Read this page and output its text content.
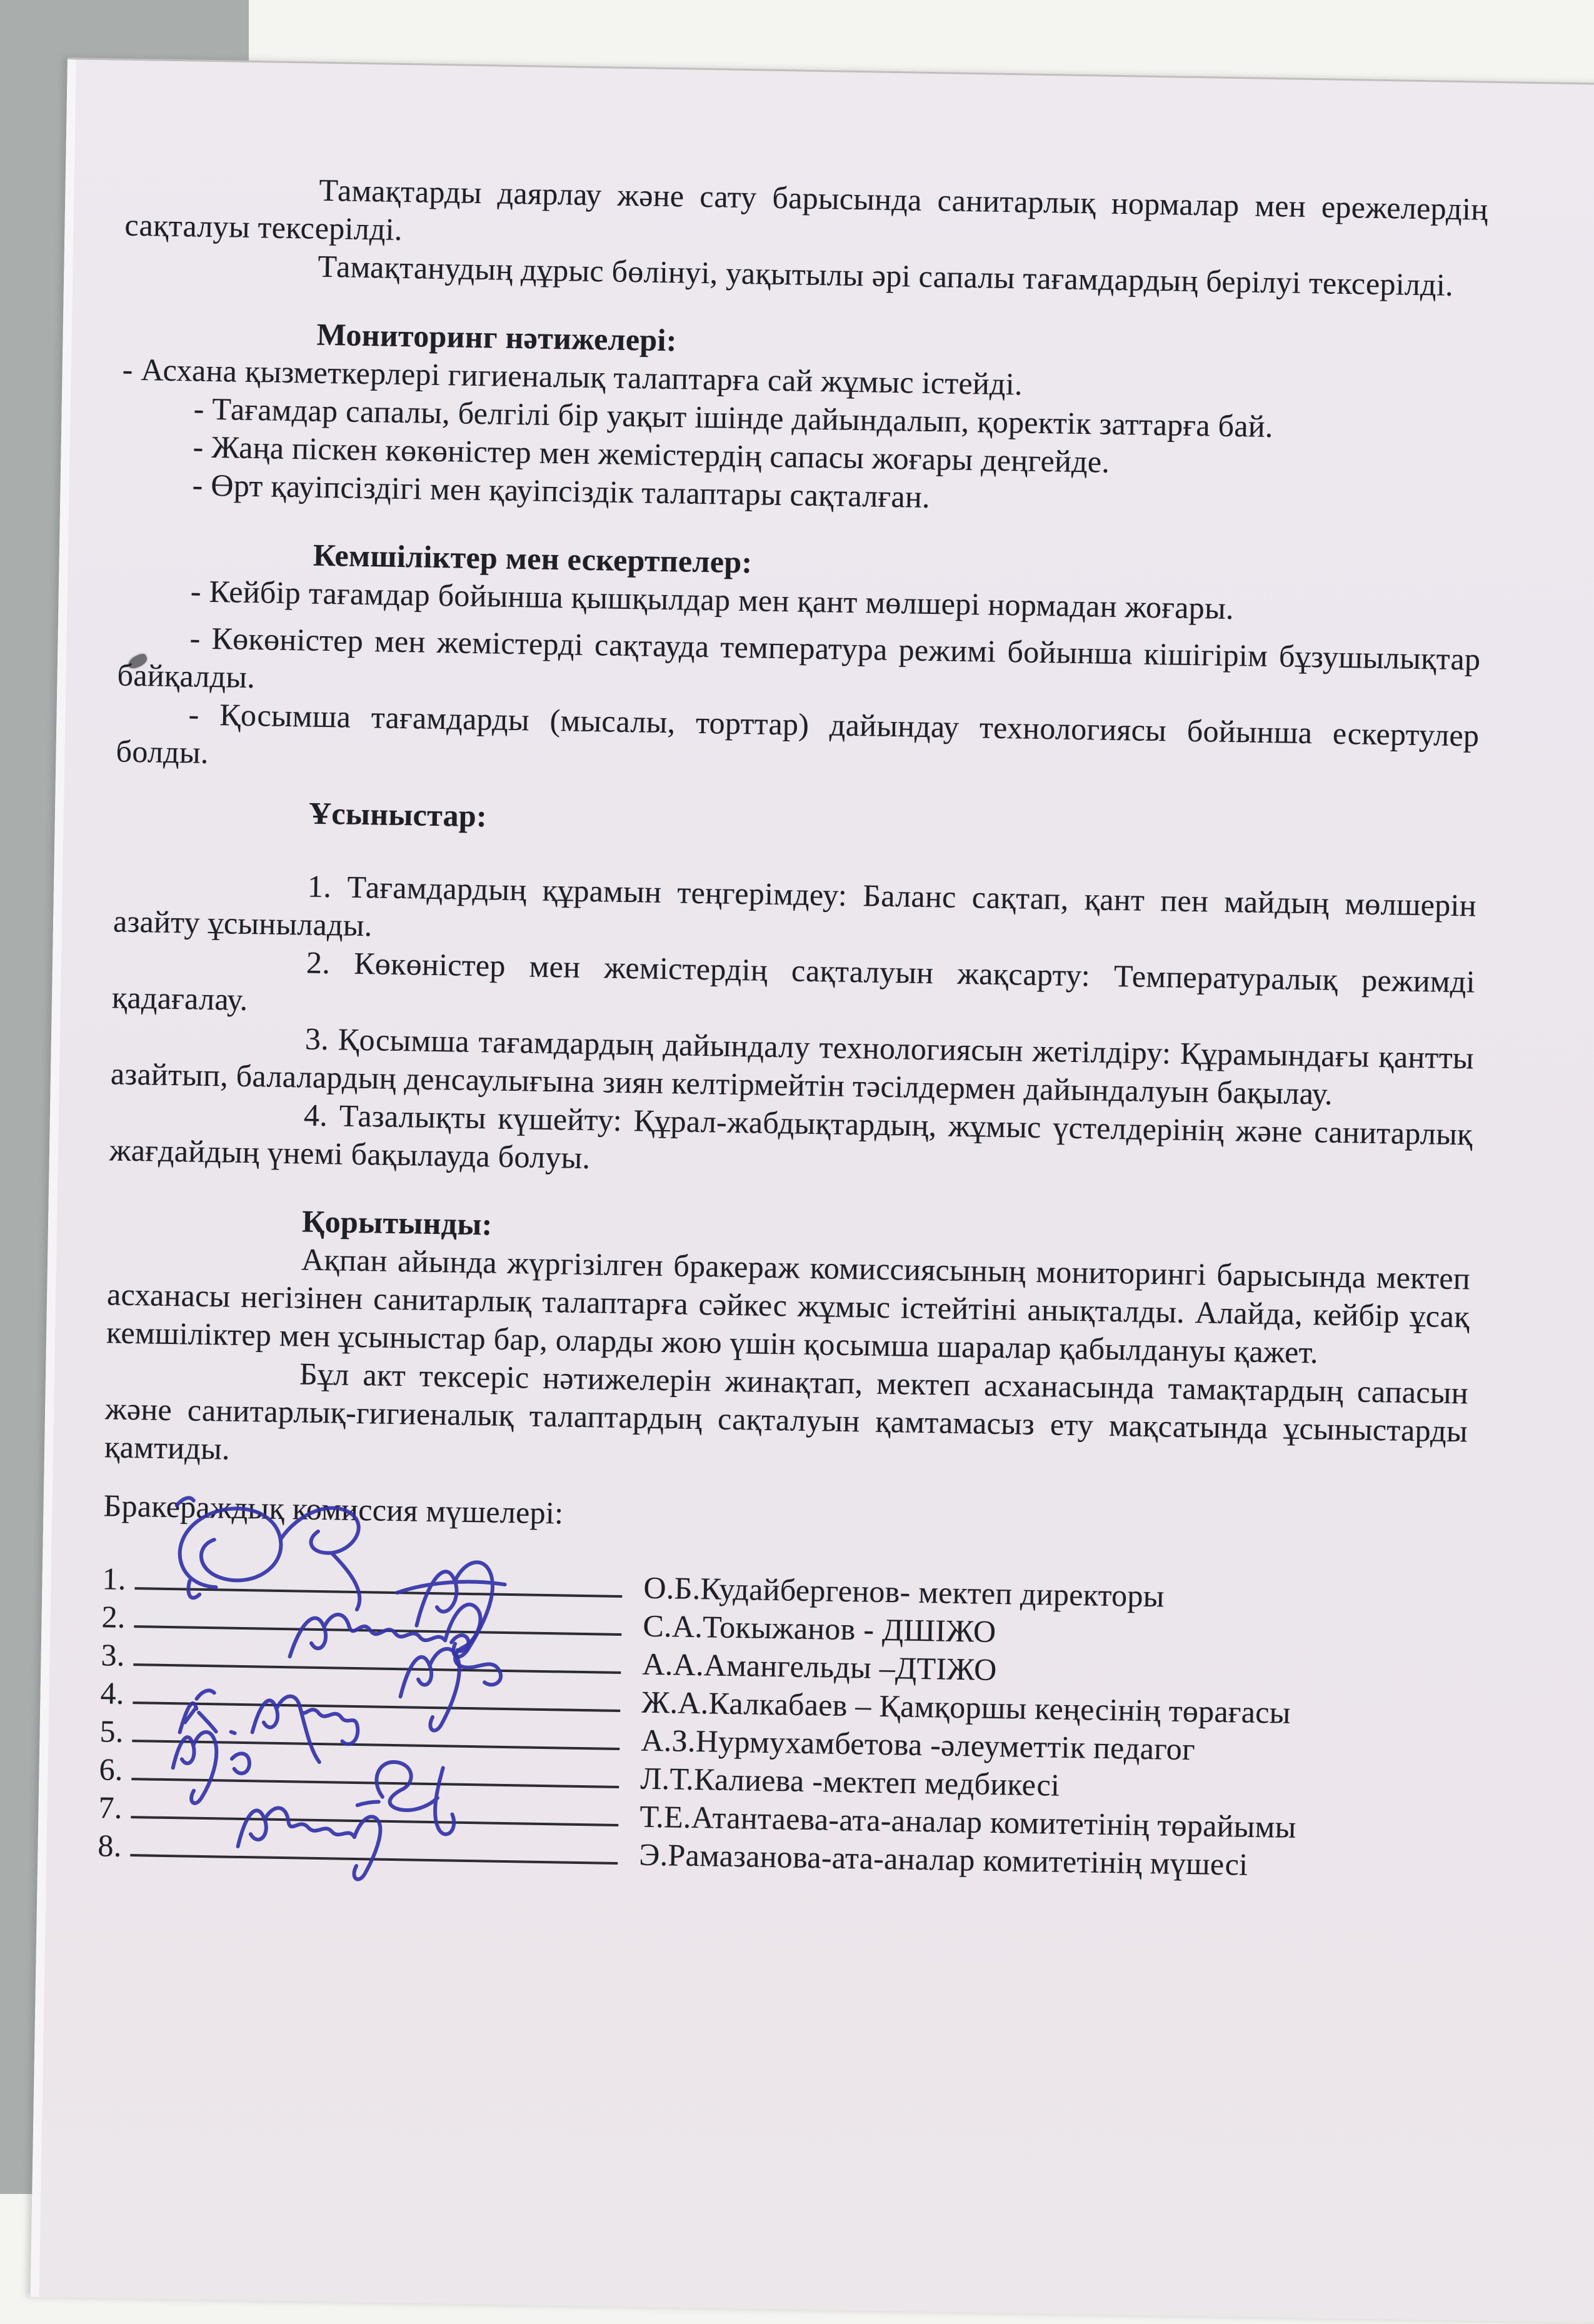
Тамақтарды даярлау және сату барысында санитарлық нормалар мен ережелердің сақталуы тексерілді.

Тамақтанудың дұрыс бөлінуі, уақытылы әрі сапалы тағамдардың берілуі тексерілді.

Мониторинг нәтижелері:

- Асхана қызметкерлері гигиеналық талаптарға сай жұмыс істейді.

- Тағамдар сапалы, белгілі бір уақыт ішінде дайындалып, қоректік заттарға бай.

- Жаңа піскен көкөністер мен жемістердің сапасы жоғары деңгейде.

- Өрт қауіпсіздігі мен қауіпсіздік талаптары сақталған.

Кемшіліктер мен ескертпелер:

- Кейбір тағамдар бойынша қышқылдар мен қант мөлшері нормадан жоғары.

- Көкөністер мен жемістерді сақтауда температура режимі бойынша кішігірім бұзушылықтар байқалды.

- Қосымша тағамдарды (мысалы, торттар) дайындау технологиясы бойынша ескертулер болды.

Ұсыныстар:

1. Тағамдардың құрамын теңгерімдеу: Баланс сақтап, қант пен майдың мөлшерін азайту ұсынылады.

2. Көкөністер мен жемістердің сақталуын жақсарту: Температуралық режимді қадағалау.

3. Қосымша тағамдардың дайындалу технологиясын жетілдіру: Құрамындағы қантты азайтып, балалардың денсаулығына зиян келтірмейтін тәсілдермен дайындалуын бақылау.

4. Тазалықты күшейту: Құрал-жабдықтардың, жұмыс үстелдерінің және санитарлық жағдайдың үнемі бақылауда болуы.

Қорытынды:

Ақпан айында жүргізілген бракераж комиссиясының мониторингі барысында мектеп асханасы негізінен санитарлық талаптарға сәйкес жұмыс істейтіні анықталды. Алайда, кейбір ұсақ кемшіліктер мен ұсыныстар бар, оларды жою үшін қосымша шаралар қабылдануы қажет.

Бұл акт тексеріс нәтижелерін жинақтап, мектеп асханасында тамақтардың сапасын және санитарлық-гигиеналық талаптардың сақталуын қамтамасыз ету мақсатында ұсыныстарды қамтиды.

Бракераждық комиссия мүшелері:

1.	О.Б.Кудайбергенов- мектеп директоры
2.	С.А.Токыжанов - ДШІЖО
3.	А.А.Амангельды –ДТІЖО
4.	Ж.А.Калкабаев – Қамқоршы кеңесінің төрағасы
5.	А.З.Нурмухамбетова -әлеуметтік педагог
6.	Л.Т.Калиева -мектеп медбикесі
7.	Т.Е.Атантаева-ата-аналар комитетінің төрайымы
8.	Э.Рамазанова-ата-аналар комитетінің мүшесі
